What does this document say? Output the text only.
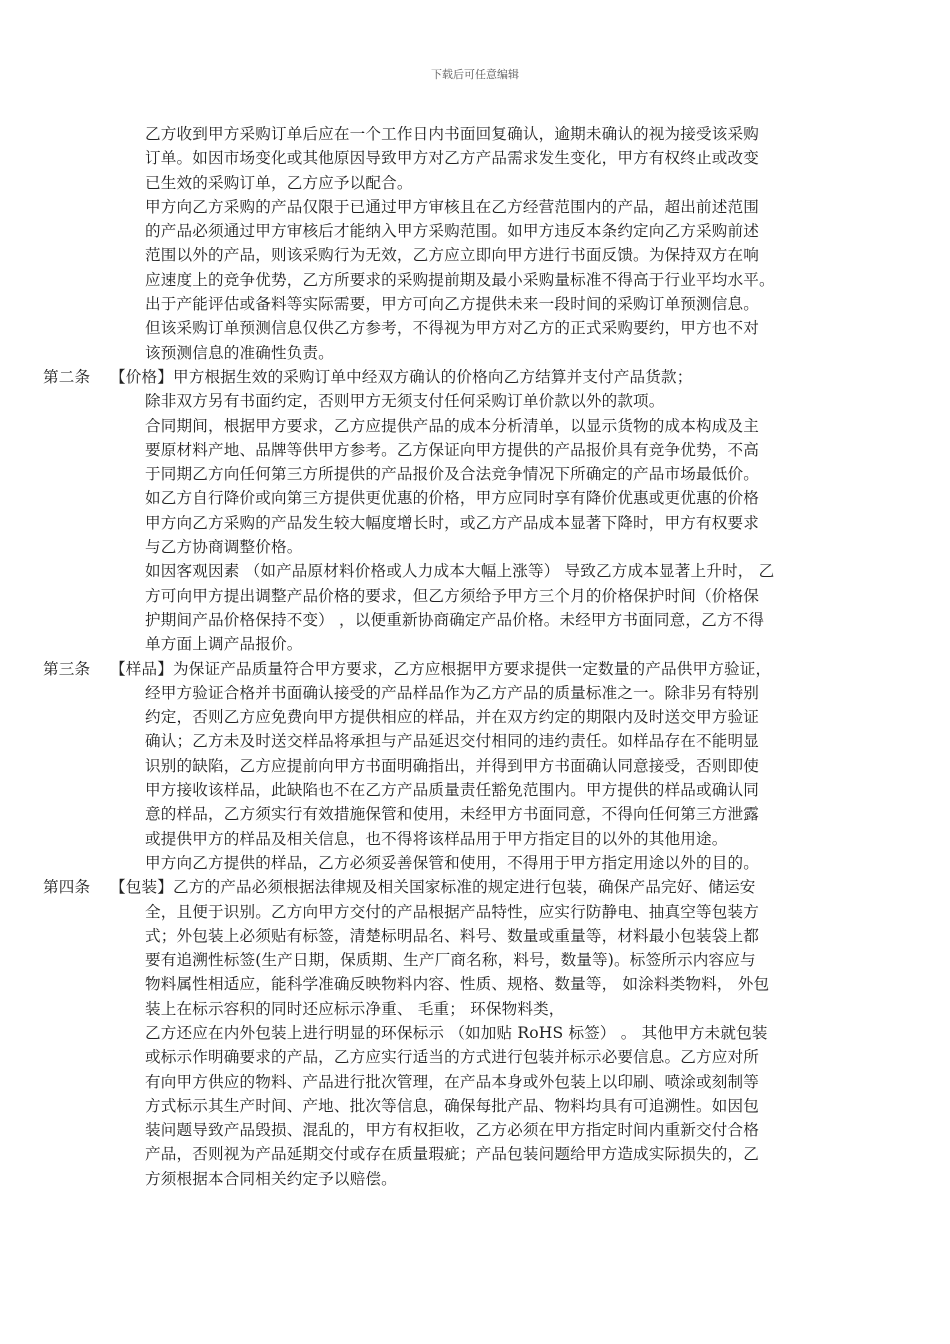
下载后可任意编辑
乙方收到甲方采购订单后应在一个工作日内书面回复确认，逾期未确认的视为接受该采购
订单。如因市场变化或其他原因导致甲方对乙方产品需求发生变化，甲方有权终止或改变
已生效的采购订单，乙方应予以配合。
甲方向乙方采购的产品仅限于已通过甲方审核且在乙方经营范围内的产品，超出前述范围
的产品必须通过甲方审核后才能纳入甲方采购范围。如甲方违反本条约定向乙方采购前述
范围以外的产品，则该采购行为无效，乙方应立即向甲方进行书面反馈。为保持双方在响
应速度上的竞争优势，乙方所要求的采购提前期及最小采购量标准不得高于行业平均水平。
出于产能评估或备料等实际需要，甲方可向乙方提供未来一段时间的采购订单预测信息。
但该采购订单预测信息仅供乙方参考，不得视为甲方对乙方的正式采购要约，甲方也不对
该预测信息的准确性负责。
第二条 【价格】甲方根据生效的采购订单中经双方确认的价格向乙方结算并支付产品货款；
除非双方另有书面约定，否则甲方无须支付任何采购订单价款以外的款项。
合同期间，根据甲方要求，乙方应提供产品的成本分析清单，以显示货物的成本构成及主
要原材料产地、品牌等供甲方参考。乙方保证向甲方提供的产品报价具有竞争优势，不高
于同期乙方向任何第三方所提供的产品报价及合法竞争情况下所确定的产品市场最低价。
如乙方自行降价或向第三方提供更优惠的价格，甲方应同时享有降价优惠或更优惠的价格
甲方向乙方采购的产品发生较大幅度增长时，或乙方产品成本显著下降时，甲方有权要求
与乙方协商调整价格。
如因客观因素 （如产品原材料价格或人力成本大幅上涨等） 导致乙方成本显著上升时， 乙
方可向甲方提出调整产品价格的要求，但乙方须给予甲方三个月的价格保护时间（价格保
护期间产品价格保持不变） ，以便重新协商确定产品价格。未经甲方书面同意，乙方不得
单方面上调产品报价。
第三条 【样品】为保证产品质量符合甲方要求，乙方应根据甲方要求提供一定数量的产品供甲方验证，
经甲方验证合格并书面确认接受的产品样品作为乙方产品的质量标准之一。除非另有特别
约定，否则乙方应免费向甲方提供相应的样品，并在双方约定的期限内及时送交甲方验证
确认；乙方未及时送交样品将承担与产品延迟交付相同的违约责任。如样品存在不能明显
识别的缺陷，乙方应提前向甲方书面明确指出，并得到甲方书面确认同意接受，否则即使
甲方接收该样品，此缺陷也不在乙方产品质量责任豁免范围内。甲方提供的样品或确认同
意的样品，乙方须实行有效措施保管和使用，未经甲方书面同意，不得向任何第三方泄露
或提供甲方的样品及相关信息，也不得将该样品用于甲方指定目的以外的其他用途。
甲方向乙方提供的样品，乙方必须妥善保管和使用，不得用于甲方指定用途以外的目的。
第四条 【包装】乙方的产品必须根据法律规及相关国家标准的规定进行包装，确保产品完好、储运安
全，且便于识别。乙方向甲方交付的产品根据产品特性，应实行防静电、抽真空等包装方
式；外包装上必须贴有标签，清楚标明品名、料号、数量或重量等，材料最小包装袋上都
要有追溯性标签(生产日期，保质期、生产厂商名称，料号，数量等)。标签所示内容应与
物料属性相适应，能科学准确反映物料内容、性质、规格、数量等， 如涂料类物料， 外包
装上在标示容积的同时还应标示净重、 毛重； 环保物料类，
乙方还应在内外包装上进行明显的环保标示 （如加贴 RoHS 标签） 。 其他甲方未就包装
或标示作明确要求的产品，乙方应实行适当的方式进行包装并标示必要信息。乙方应对所
有向甲方供应的物料、产品进行批次管理，在产品本身或外包装上以印刷、喷涂或刻制等
方式标示其生产时间、产地、批次等信息，确保每批产品、物料均具有可追溯性。如因包
装问题导致产品毁损、混乱的，甲方有权拒收，乙方必须在甲方指定时间内重新交付合格
产品，否则视为产品延期交付或存在质量瑕疵；产品包装问题给甲方造成实际损失的，乙
方须根据本合同相关约定予以赔偿。
